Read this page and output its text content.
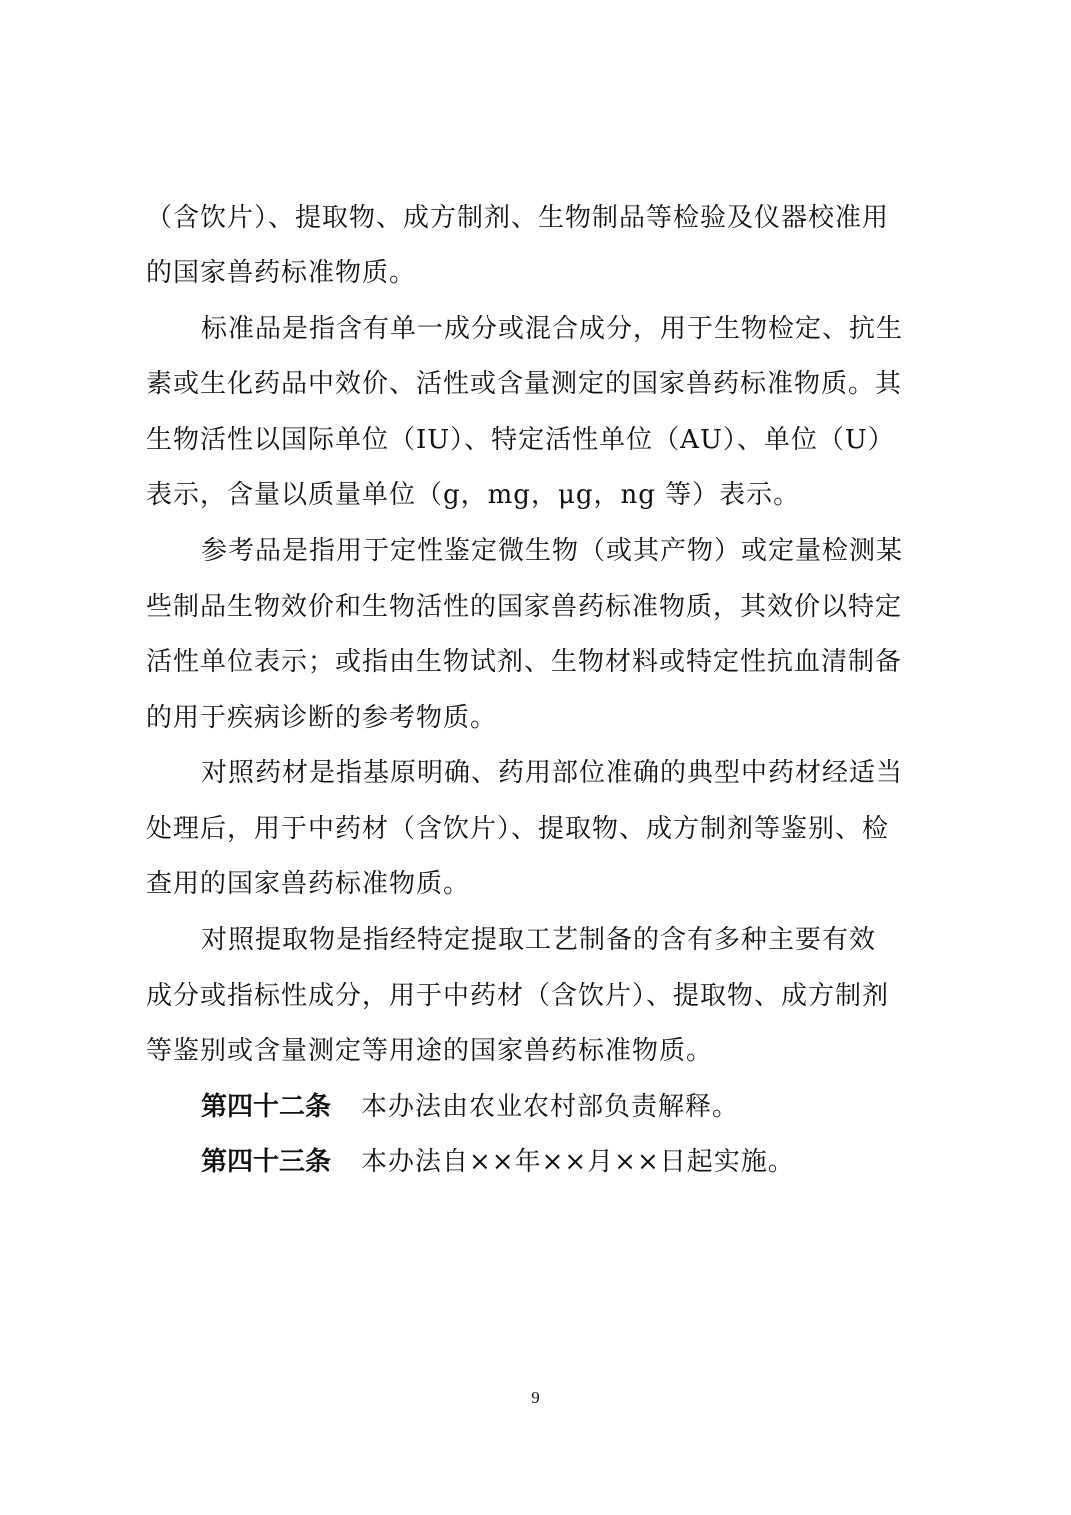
（含饮片）、提取物、成方制剂、生物制品等检验及仪器校准用
的国家兽药标准物质。
标准品是指含有单一成分或混合成分，用于生物检定、抗生
素或生化药品中效价、活性或含量测定的国家兽药标准物质。其
生物活性以国际单位（IU）、特定活性单位（AU）、单位（U）
表示，含量以质量单位（g，mg，μg，ng 等）表示。
参考品是指用于定性鉴定微生物（或其产物）或定量检测某
些制品生物效价和生物活性的国家兽药标准物质，其效价以特定
活性单位表示；或指由生物试剂、生物材料或特定性抗血清制备
的用于疾病诊断的参考物质。
对照药材是指基原明确、药用部位准确的典型中药材经适当
处理后，用于中药材（含饮片）、提取物、成方制剂等鉴别、检
查用的国家兽药标准物质。
对照提取物是指经特定提取工艺制备的含有多种主要有效
成分或指标性成分，用于中药材（含饮片）、提取物、成方制剂
等鉴别或含量测定等用途的国家兽药标准物质。
第四十二条 本办法由农业农村部负责解释。
第四十三条 本办法自××年××月××日起实施。
9
